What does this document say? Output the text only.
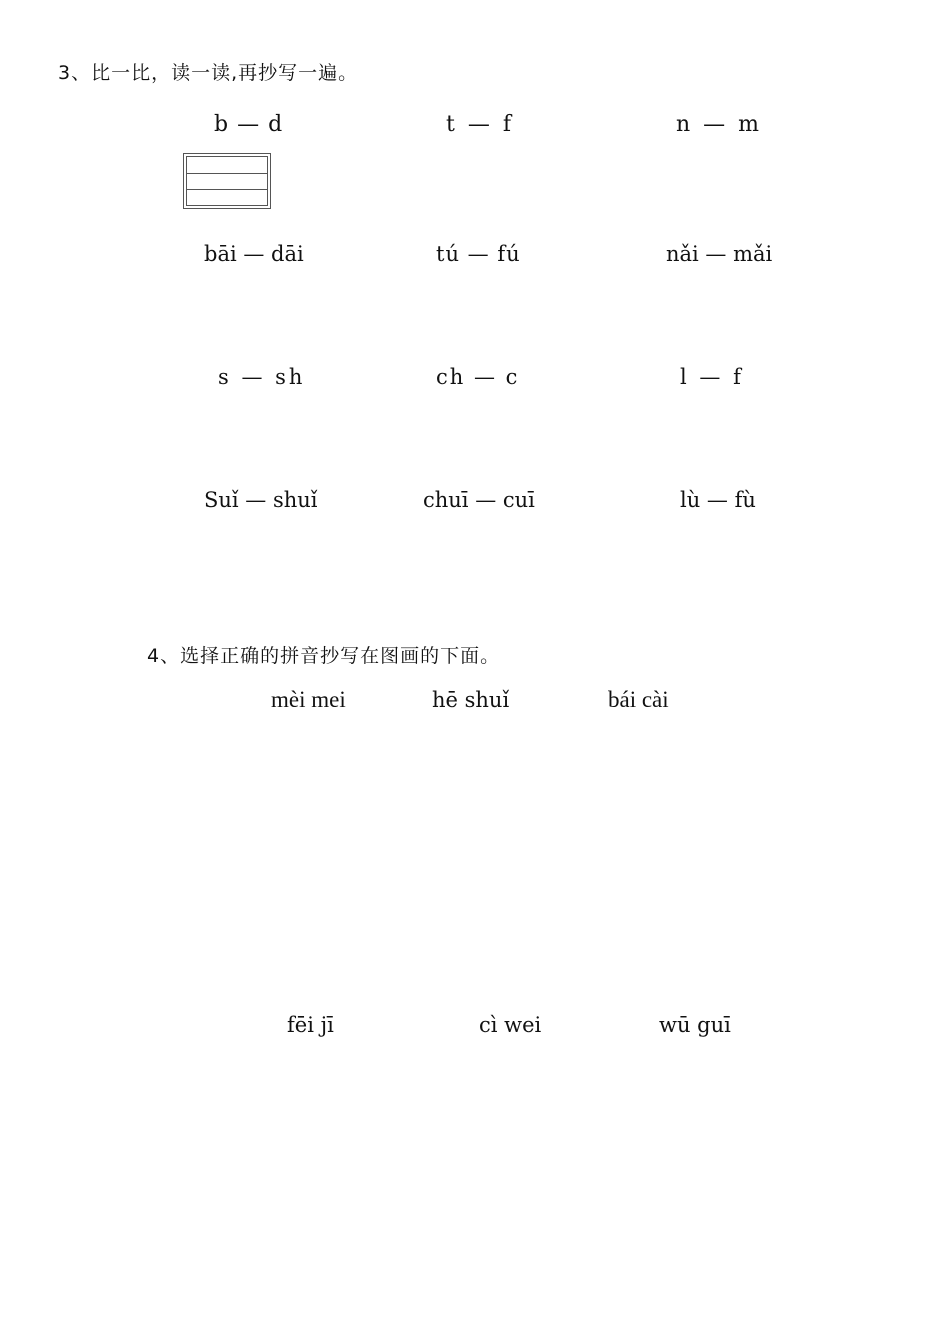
3、比一比，读一读,再抄写一遍。
b — d	t — f	n — m
bāi — dāi	tú — fú	nǎi — mǎi
s — sh	ch — c	l — f
Suǐ — shuǐ	chuī — cuī	lù — fù
4、选择正确的拼音抄写在图画的下面。
mèi mei	hē shuǐ	bái cài
fēi jī	cì wei	wū guī
